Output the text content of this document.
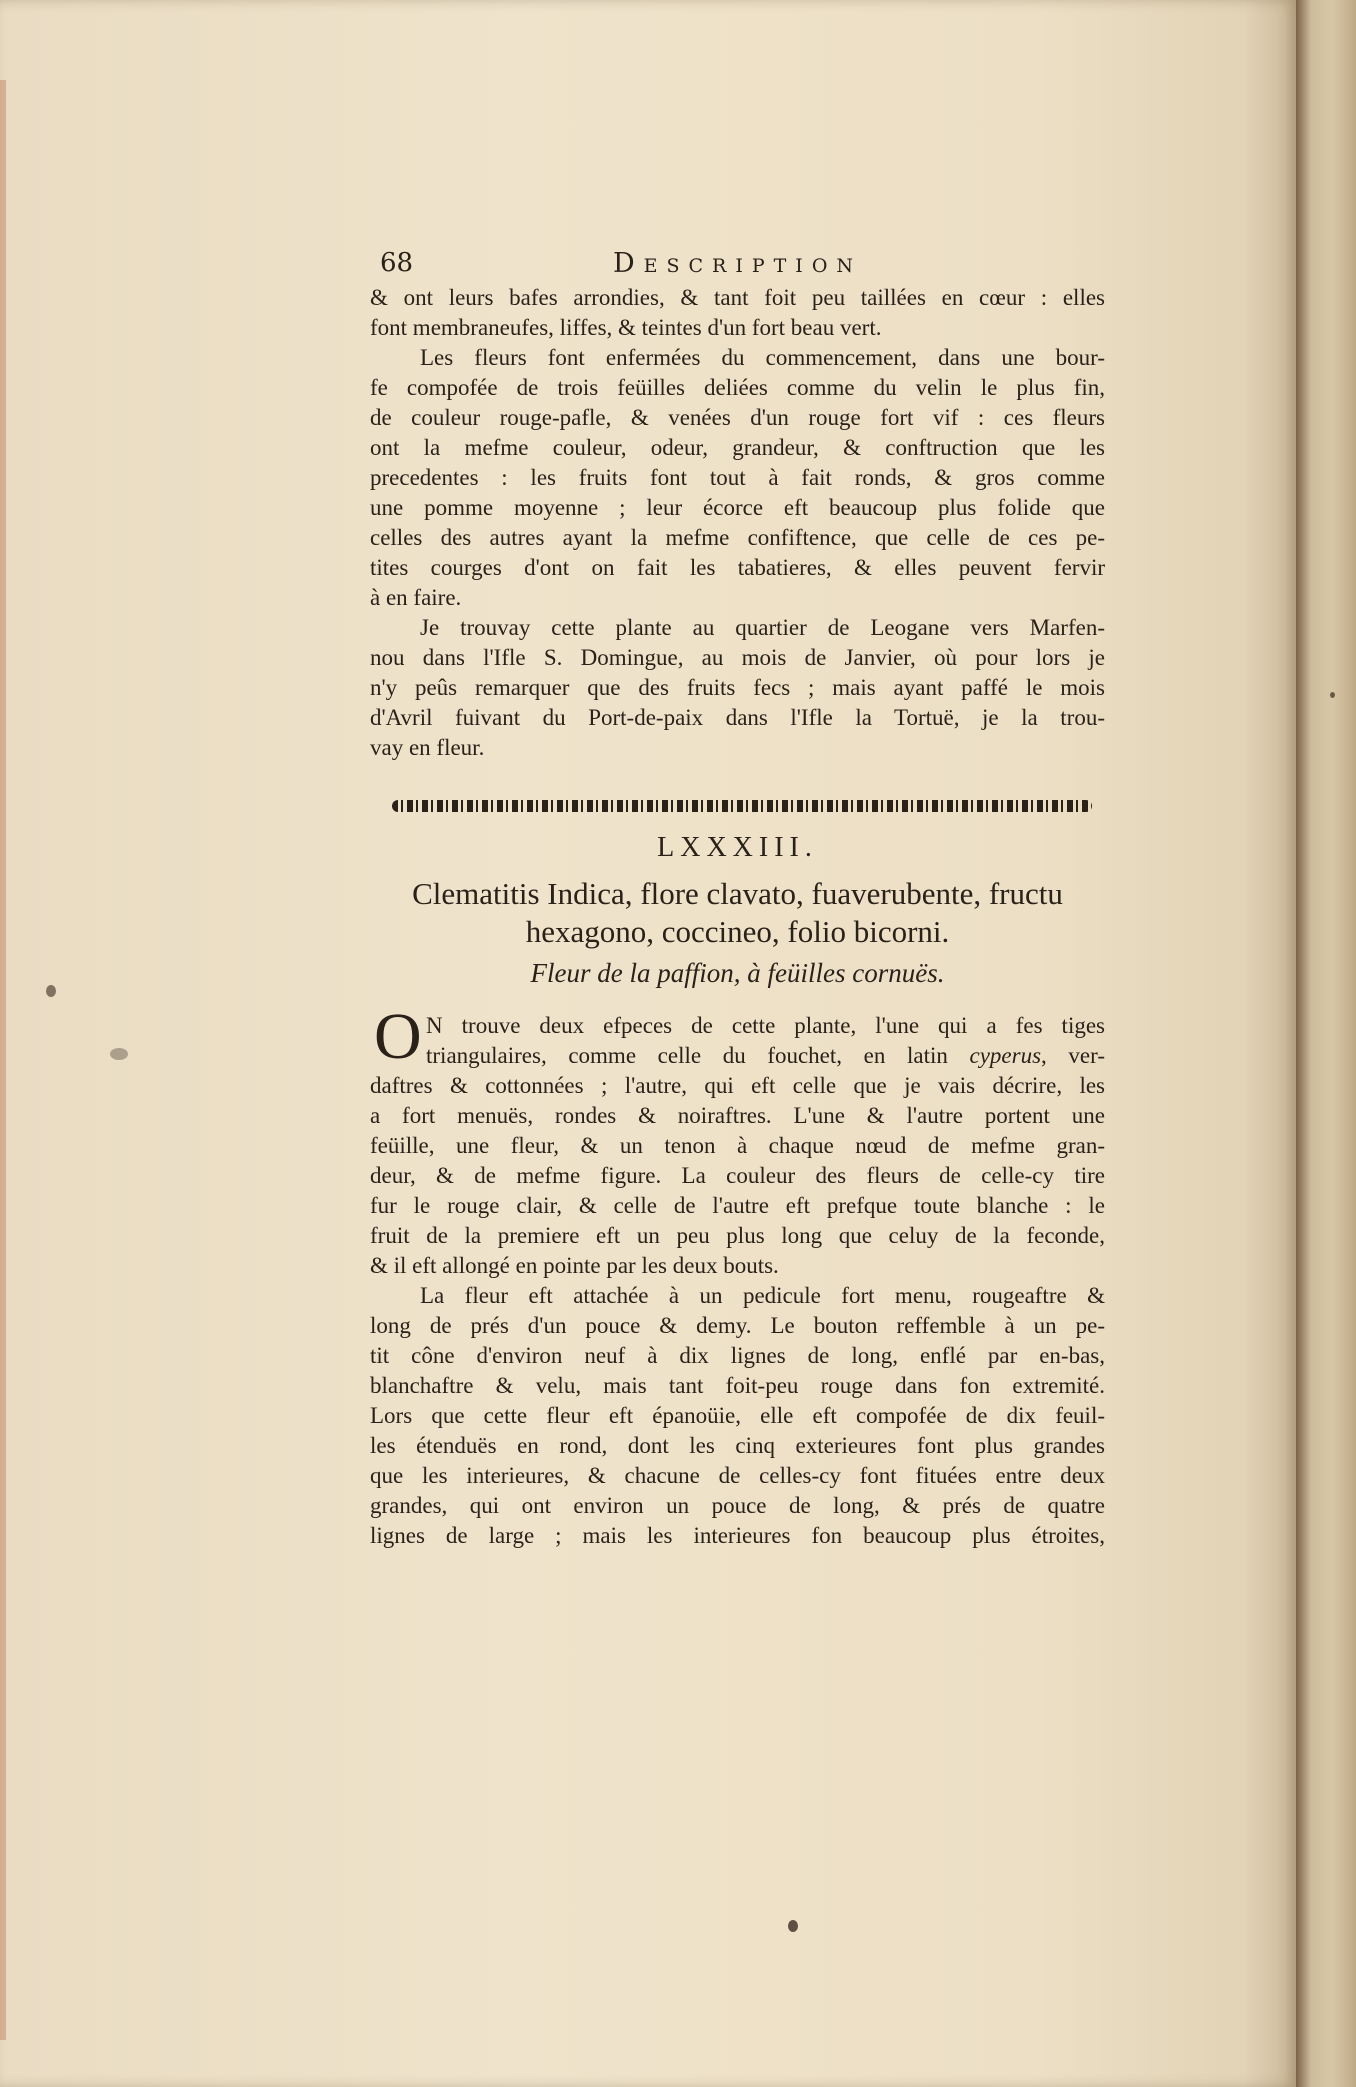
68	Description
& ont leurs bafes arrondies, & tant foit peu taillées en cœur : elles
font membraneufes, liffes, & teintes d'un fort beau vert.
Les fleurs font enfermées du commencement, dans une bour-
fe compofée de trois feüilles deliées comme du velin le plus fin,
de couleur rouge-pafle, & venées d'un rouge fort vif : ces fleurs
ont la mefme couleur, odeur, grandeur, & conftruction que les
precedentes : les fruits font tout à fait ronds, & gros comme
une pomme moyenne ; leur écorce eft beaucoup plus folide que
celles des autres ayant la mefme confiftence, que celle de ces pe-
tites courges d'ont on fait les tabatieres, & elles peuvent fervir
à en faire.
Je trouvay cette plante au quartier de Leogane vers Marfen-
nou dans l'Ifle S. Domingue, au mois de Janvier, où pour lors je
n'y peûs remarquer que des fruits fecs ; mais ayant paffé le mois
d'Avril fuivant du Port-de-paix dans l'Ifle la Tortuë, je la trou-
vay en fleur.
LXXXIII.
Clematitis Indica, flore clavato, fuaverubente, fructu
hexagono, coccineo, folio bicorni.
Fleur de la paffion, à feüilles cornuës.
O N trouve deux efpeces de cette plante, l'une qui a fes tiges
triangulaires, comme celle du fouchet, en latin cyperus, ver-
daftres & cottonnées ; l'autre, qui eft celle que je vais décrire, les
a fort menuës, rondes & noiraftres. L'une & l'autre portent une
feüille, une fleur, & un tenon à chaque nœud de mefme gran-
deur, & de mefme figure. La couleur des fleurs de celle-cy tire
fur le rouge clair, & celle de l'autre eft prefque toute blanche : le
fruit de la premiere eft un peu plus long que celuy de la feconde,
& il eft allongé en pointe par les deux bouts.
La fleur eft attachée à un pedicule fort menu, rougeaftre &
long de prés d'un pouce & demy. Le bouton reffemble à un pe-
tit cône d'environ neuf à dix lignes de long, enflé par en-bas,
blanchaftre & velu, mais tant foit-peu rouge dans fon extremité.
Lors que cette fleur eft épanoüie, elle eft compofée de dix feuil-
les étenduës en rond, dont les cinq exterieures font plus grandes
que les interieures, & chacune de celles-cy font fituées entre deux
grandes, qui ont environ un pouce de long, & prés de quatre
lignes de large ; mais les interieures fon beaucoup plus étroites,
